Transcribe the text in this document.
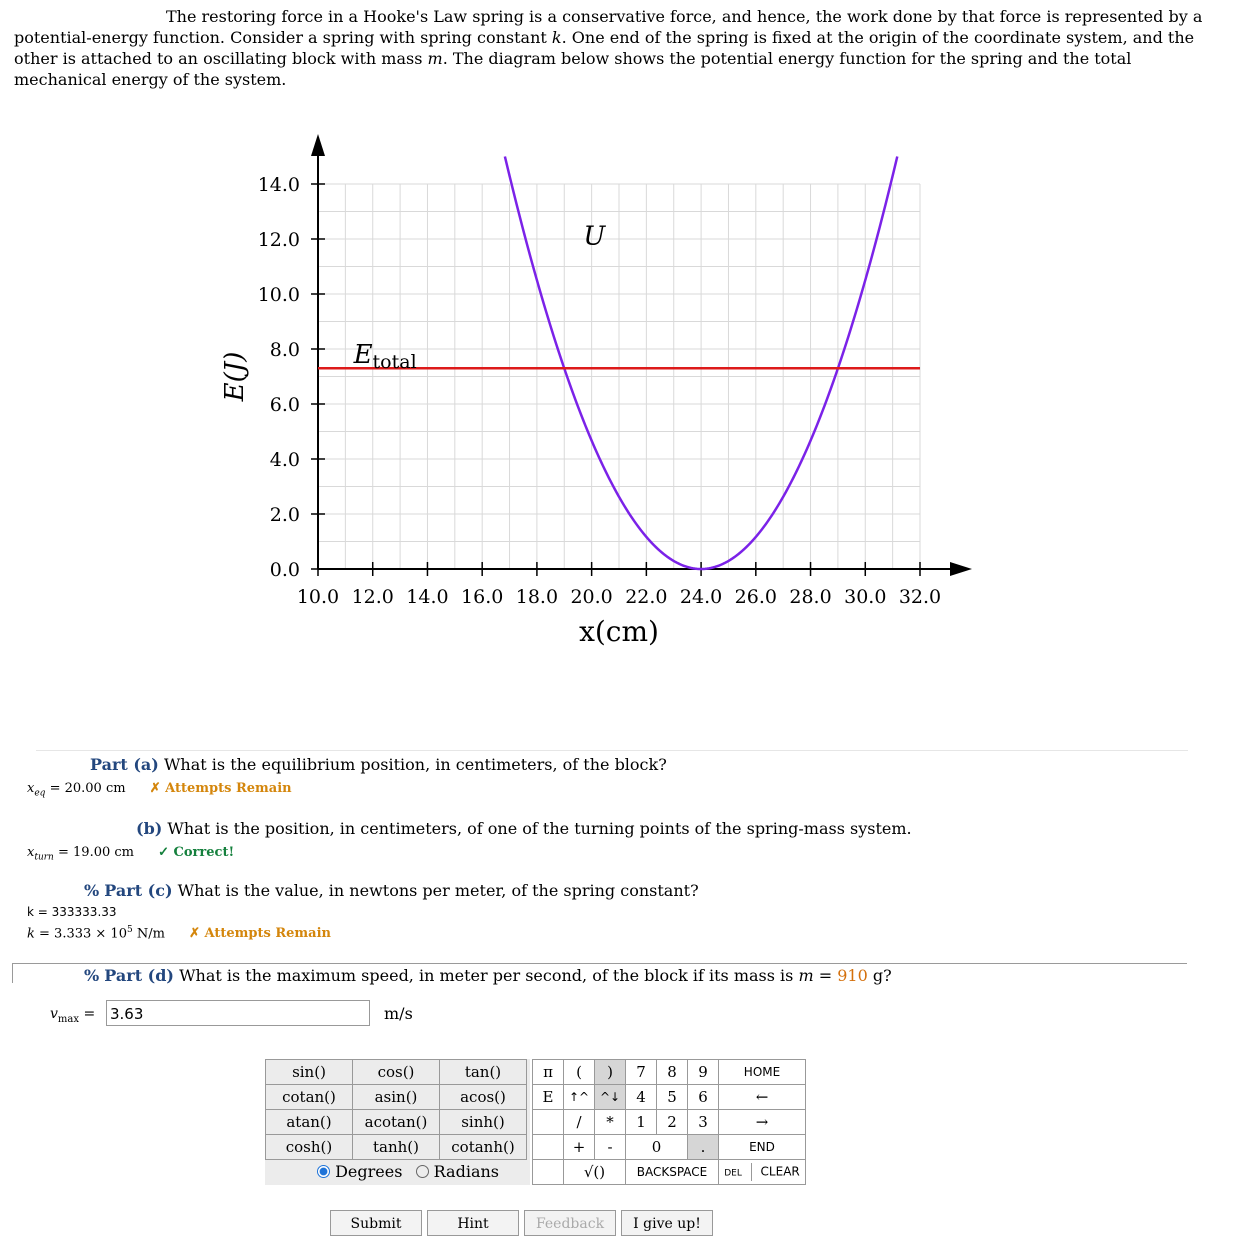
The restoring force in a Hooke's Law spring is a conservative force, and hence, the work done by that force is represented by a potential-energy function. Consider a spring with spring constant k. One end of the spring is fixed at the origin of the coordinate system, and the other is attached to an oscillating block with mass m. The diagram below shows the potential energy function for the spring and the total mechanical energy of the system.

10.0 12.0 14.0 16.0 18.0 20.0 22.0 24.0 26.0 28.0 30.0 32.0
0.0
2.0
4.0
6.0
8.0
10.0
12.0
14.0
U
Etotal
x(cm)
E(J)
Part (a) What is the equilibrium position, in centimeters, of the block?
$x_{eq} = 20.00$ cm ✗ Attempts Remain
(b) What is the position, in centimeters, of one of the turning points of the spring-mass system.
$x_{turn} = 19.00$ cm ✓ Correct!
% Part (c) What is the value, in newtons per meter, of the spring constant?
k = 333333.33
$k = 3.333 \times 10^5$ N/m ✗ Attempts Remain
% Part (d) What is the maximum speed, in meter per second, of the block if its mass is m = 910 g?
$v_{max} = 3.63$	m/s
sin()	cos()	tan()
cotan()	asin()	acos()
atan()	acotan()	sinh()
cosh()	tanh()	cotanh()
Degrees Radians
π	(	)	7	8	9	HOME
E	↑^	^↓	4	5	6	←
	/	*	1	2	3	→
	+	-	0		.	END
	√()		BACKSPACE			DEL CLEAR
Submit	Hint	Feedback	I give up!
